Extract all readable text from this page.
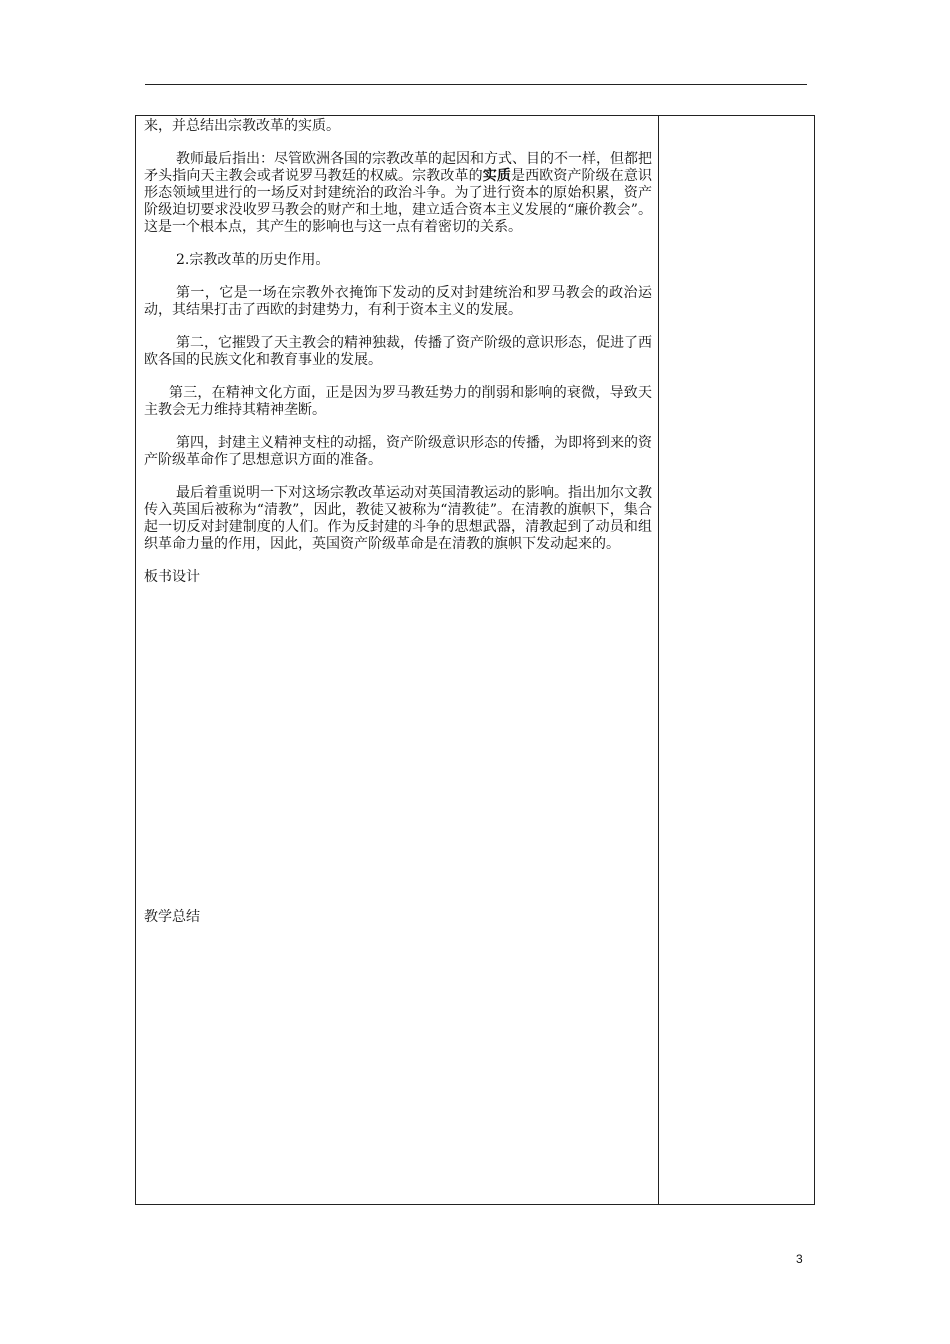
来，并总结出宗教改革的实质。

教师最后指出：尽管欧洲各国的宗教改革的起因和方式、目的不一样，但都把矛头指向天主教会或者说罗马教廷的权威。宗教改革的实质是西欧资产阶级在意识形态领域里进行的一场反对封建统治的政治斗争。为了进行资本的原始积累，资产阶级迫切要求没收罗马教会的财产和土地，建立适合资本主义发展的“廉价教会”。这是一个根本点，其产生的影响也与这一点有着密切的关系。

2.宗教改革的历史作用。

第一，它是一场在宗教外衣掩饰下发动的反对封建统治和罗马教会的政治运动，其结果打击了西欧的封建势力，有利于资本主义的发展。

第二，它摧毁了天主教会的精神独裁，传播了资产阶级的意识形态，促进了西欧各国的民族文化和教育事业的发展。

第三，在精神文化方面，正是因为罗马教廷势力的削弱和影响的衰微，导致天主教会无力维持其精神垄断。

第四，封建主义精神支柱的动摇，资产阶级意识形态的传播，为即将到来的资产阶级革命作了思想意识方面的准备。

最后着重说明一下对这场宗教改革运动对英国清教运动的影响。指出加尔文教传入英国后被称为“清教”，因此，教徒又被称为“清教徒”。在清教的旗帜下，集合起一切反对封建制度的人们。作为反封建的斗争的思想武器，清教起到了动员和组织革命力量的作用，因此，英国资产阶级革命是在清教的旗帜下发动起来的。

板书设计

教学总结
3
